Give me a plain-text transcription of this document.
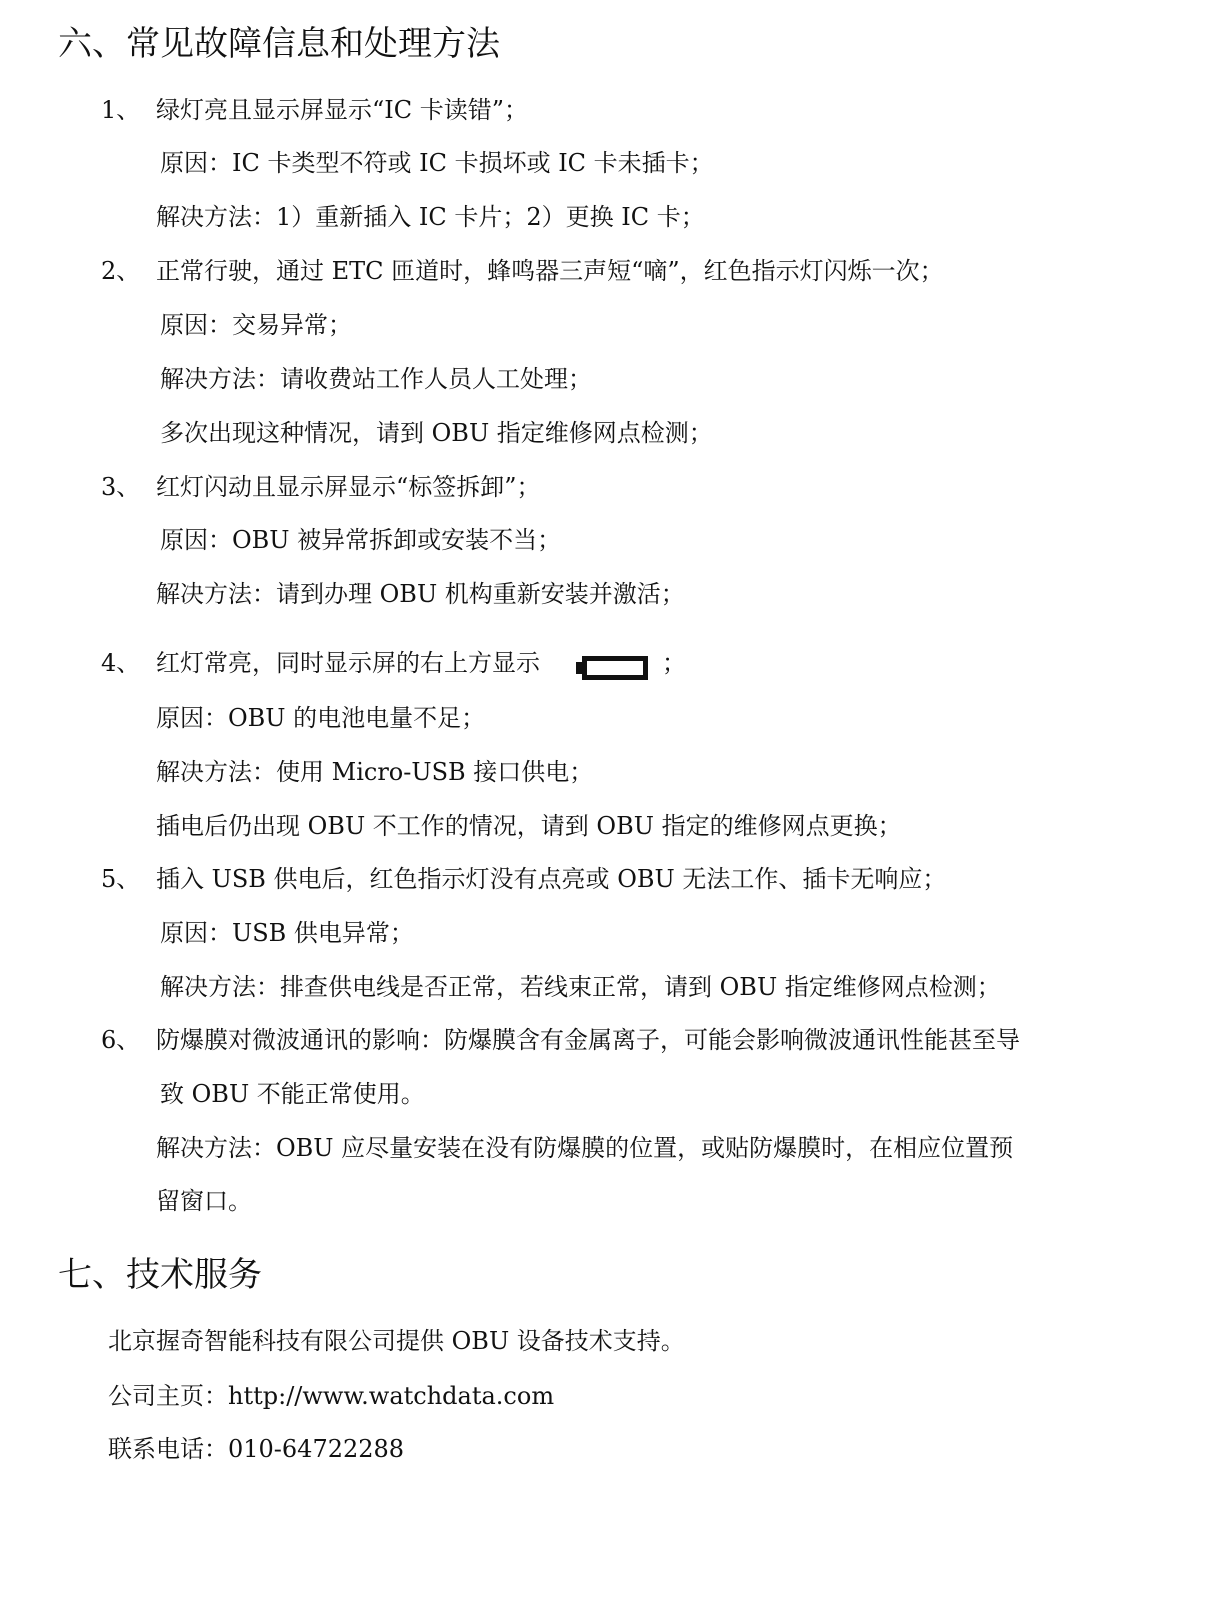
六、常见故障信息和处理方法
1、 绿灯亮且显示屏显示“IC 卡读错”；
原因：IC 卡类型不符或 IC 卡损坏或 IC 卡未插卡；
解决方法：1）重新插入 IC 卡片；2）更换 IC 卡；
2、 正常行驶，通过 ETC 匝道时，蜂鸣器三声短“嘀”，红色指示灯闪烁一次；
原因：交易异常；
解决方法：请收费站工作人员人工处理；
多次出现这种情况，请到 OBU 指定维修网点检测；
3、 红灯闪动且显示屏显示“标签拆卸”；
原因：OBU 被异常拆卸或安装不当；
解决方法：请到办理 OBU 机构重新安装并激活；
4、 红灯常亮，同时显示屏的右上方显示	；
原因：OBU 的电池电量不足；
解决方法：使用 Micro-USB 接口供电；
插电后仍出现 OBU 不工作的情况，请到 OBU 指定的维修网点更换；
5、 插入 USB 供电后，红色指示灯没有点亮或 OBU 无法工作、插卡无响应；
原因：USB 供电异常；
解决方法：排查供电线是否正常，若线束正常，请到 OBU 指定维修网点检测；
6、 防爆膜对微波通讯的影响：防爆膜含有金属离子，可能会影响微波通讯性能甚至导
致 OBU 不能正常使用。
解决方法：OBU 应尽量安装在没有防爆膜的位置，或贴防爆膜时，在相应位置预
留窗口。
七、技术服务
北京握奇智能科技有限公司提供 OBU 设备技术支持。
公司主页：http://www.watchdata.com
联系电话：010-64722288
